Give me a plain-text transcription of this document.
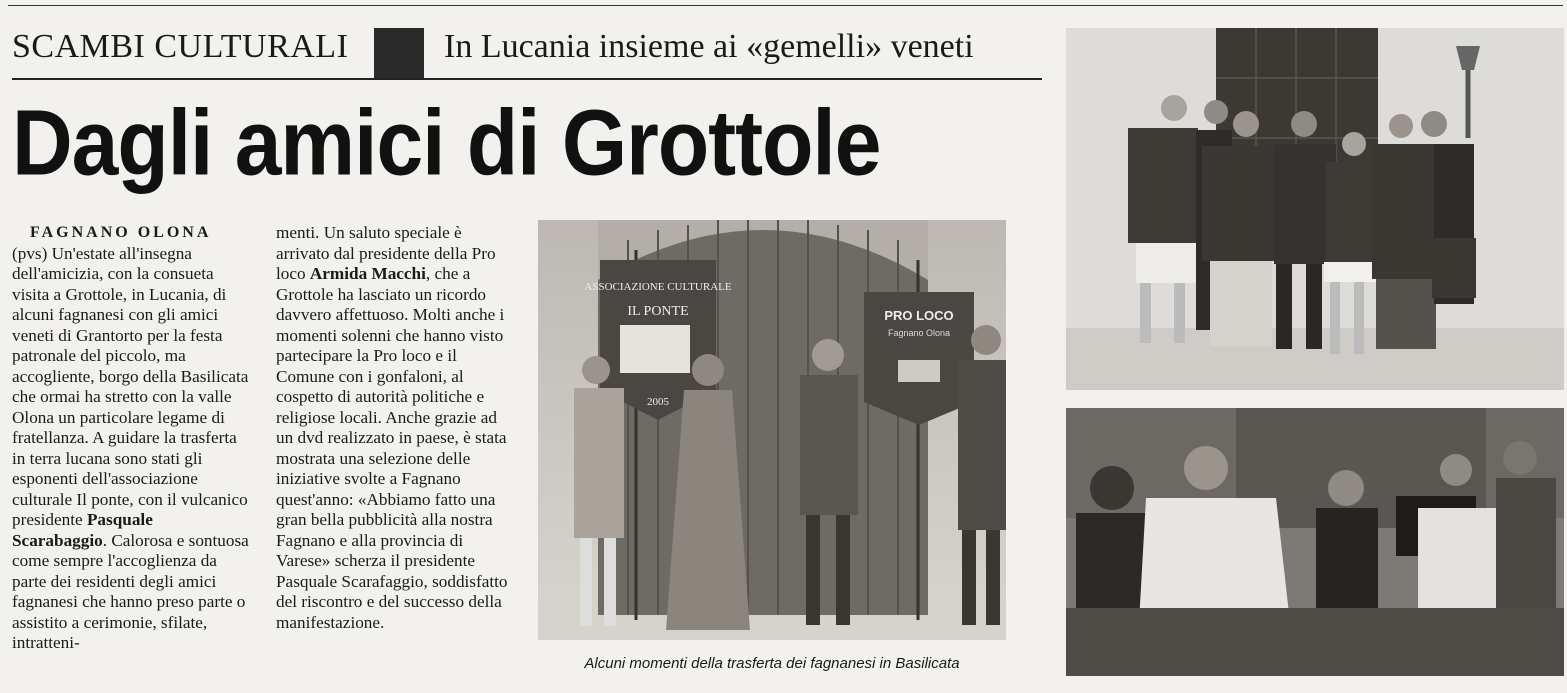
SCAMBI CULTURALI	In Lucania insieme ai «gemelli» veneti
Dagli amici di Grottole
FAGNANO OLONA

(pvs) Un'estate all'insegna dell'amicizia, con la consueta visita a Grottole, in Lucania, di alcuni fagnanesi con gli amici veneti di Grantorto per la festa patronale del piccolo, ma accogliente, borgo della Basilicata che ormai ha stretto con la valle Olona un particolare legame di fratellanza. A guidare la trasferta in terra lucana sono stati gli esponenti dell'associazione culturale Il ponte, con il vulcanico presidente Pasquale Scarabaggio. Calorosa e sontuosa come sempre l'accoglienza da parte dei residenti degli amici fagnanesi che hanno preso parte o assistito a cerimonie, sfilate, intratteni-

menti. Un saluto speciale è arrivato dal presidente della Pro loco Armida Macchi, che a Grottole ha lasciato un ricordo davvero affettuoso. Molti anche i momenti solenni che hanno visto partecipare la Pro loco e il Comune con i gonfaloni, al cospetto di autorità politiche e religiose locali. Anche grazie ad un dvd realizzato in paese, è stata mostrata una selezione delle iniziative svolte a Fagnano quest'anno: «Abbiamo fatto una gran bella pubblicità alla nostra Fagnano e alla provincia di Varese» scherza il presidente Pasquale Scarafaggio, soddisfatto del riscontro e del successo della manifestazione.

ASSOCIAZIONE CULTURALE
IL PONTE
2005
PRO LOCO
Fagnano Olona
Alcuni momenti della trasferta dei fagnanesi in Basilicata
